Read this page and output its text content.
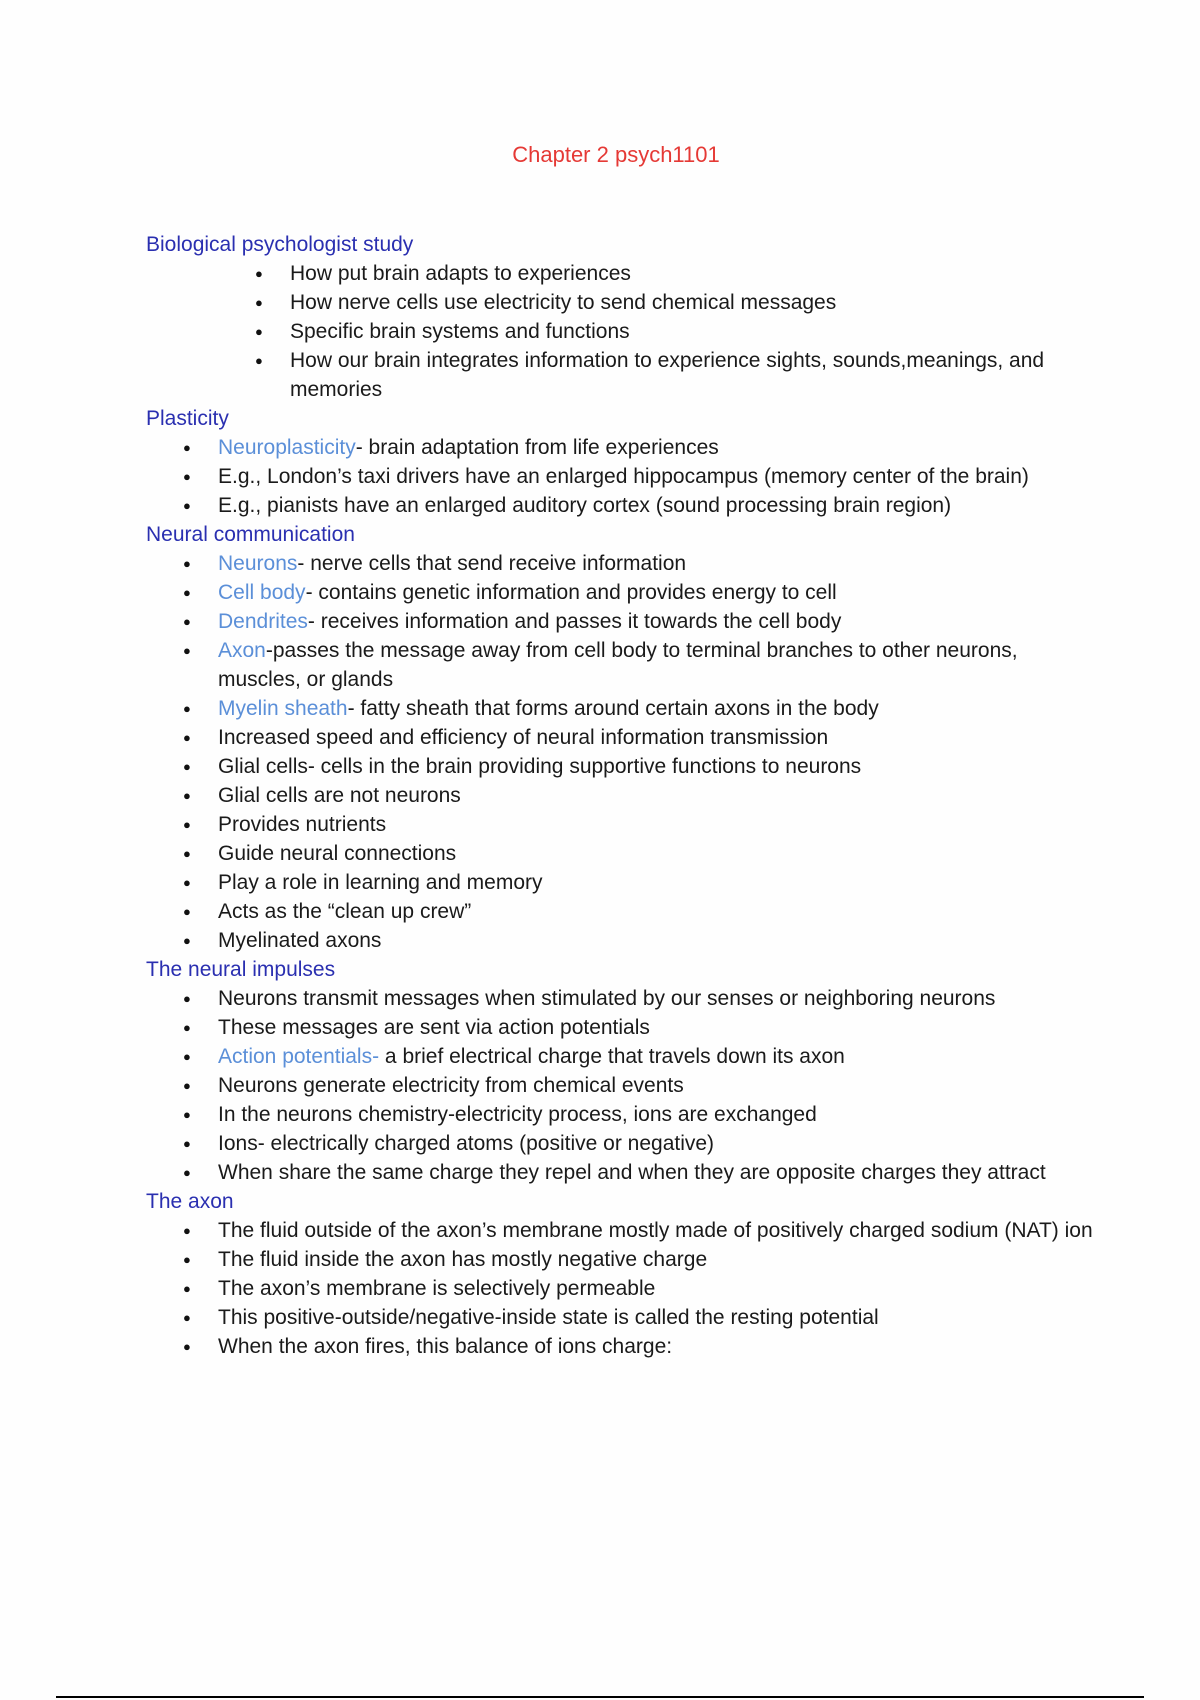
Chapter 2 psych1101
Biological psychologist study
● How put brain adapts to experiences
● How nerve cells use electricity to send chemical messages
● Specific brain systems and functions
● How our brain integrates information to experience sights, sounds,meanings, and memories
Plasticity
● Neuroplasticity- brain adaptation from life experiences
● E.g., London’s taxi drivers have an enlarged hippocampus (memory center of the brain)
● E.g., pianists have an enlarged auditory cortex (sound processing brain region)
Neural communication
● Neurons- nerve cells that send receive information
● Cell body- contains genetic information and provides energy to cell
● Dendrites- receives information and passes it towards the cell body
● Axon-passes the message away from cell body to terminal branches to other neurons, muscles, or glands
● Myelin sheath- fatty sheath that forms around certain axons in the body
● Increased speed and efficiency of neural information transmission
● Glial cells- cells in the brain providing supportive functions to neurons
● Glial cells are not neurons
● Provides nutrients
● Guide neural connections
● Play a role in learning and memory
● Acts as the “clean up crew”
● Myelinated axons
The neural impulses
● Neurons transmit messages when stimulated by our senses or neighboring neurons
● These messages are sent via action potentials
● Action potentials- a brief electrical charge that travels down its axon
● Neurons generate electricity from chemical events
● In the neurons chemistry-electricity process, ions are exchanged
● Ions- electrically charged atoms (positive or negative)
● When share the same charge they repel and when they are opposite charges they attract
The axon
● The fluid outside of the axon’s membrane mostly made of positively charged sodium (NAT) ion
● The fluid inside the axon has mostly negative charge
● The axon’s membrane is selectively permeable
● This positive-outside/negative-inside state is called the resting potential
● When the axon fires, this balance of ions charge:
